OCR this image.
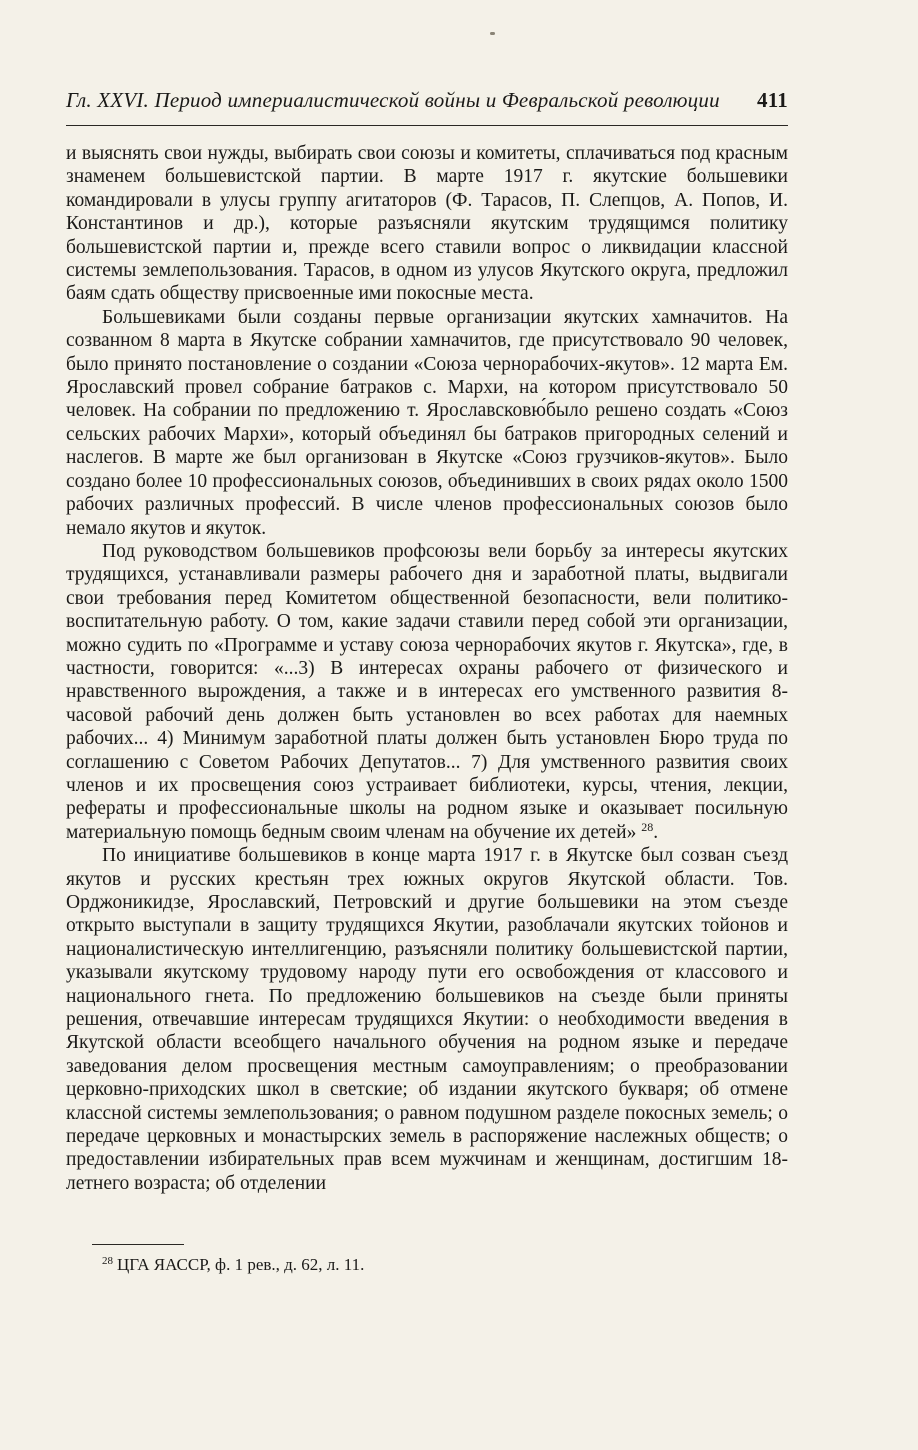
Гл. XXVI. Период империалистической войны и Февральской революции 411

и выяснять свои нужды, выбирать свои союзы и комитеты, сплачиваться под красным знаменем большевистской партии. В марте 1917 г. якутские большевики командировали в улусы группу агитаторов (Ф. Тарасов, П. Слепцов, А. Попов, И. Константинов и др.), которые разъясняли якутским трудящимся политику большевистской партии и, прежде всего ставили вопрос о ликвидации классной системы землепользования. Тарасов, в одном из улусов Якутского округа, предложил баям сдать обществу присвоенные ими покосные места.

Большевиками были созданы первые организации якутских хамначитов. На созванном 8 марта в Якутске собрании хамначитов, где присутствовало 90 человек, было принято постановление о создании «Союза чернорабочих-якутов». 12 марта Ем. Ярославский провел собрание батраков с. Мархи, на котором присутствовало 50 человек. На собрании по предложению т. Ярославсковю́было решено создать «Союз сельских рабочих Мархи», который объединял бы батраков пригородных селений и наслегов. В марте же был организован в Якутске «Союз грузчиков-якутов». Было создано более 10 профессиональных союзов, объединивших в своих рядах около 1500 рабочих различных профессий. В числе членов профессиональных союзов было немало якутов и якуток.

Под руководством большевиков профсоюзы вели борьбу за интересы якутских трудящихся, устанавливали размеры рабочего дня и заработной платы, выдвигали свои требования перед Комитетом общественной безопасности, вели политико-воспитательную работу. О том, какие задачи ставили перед собой эти организации, можно судить по «Программе и уставу союза чернорабочих якутов г. Якутска», где, в частности, говорится: «...3) В интересах охраны рабочего от физического и нравственного вырождения, а также и в интересах его умственного развития 8-часовой рабочий день должен быть установлен во всех работах для наемных рабочих... 4) Минимум заработной платы должен быть установлен Бюро труда по соглашению с Советом Рабочих Депутатов... 7) Для умственного развития своих членов и их просвещения союз устраивает библиотеки, курсы, чтения, лекции, рефераты и профессиональные школы на родном языке и оказывает посильную материальную помощь бедным своим членам на обучение их детей» $^{28}$.

По инициативе большевиков в конце марта 1917 г. в Якутске был созван съезд якутов и русских крестьян трех южных округов Якутской области. Тов. Орджоникидзе, Ярославский, Петровский и другие большевики на этом съезде открыто выступали в защиту трудящихся Якутии, разоблачали якутских тойонов и националистическую интеллигенцию, разъясняли политику большевистской партии, указывали якутскому трудовому народу пути его освобождения от классового и национального гнета. По предложению большевиков на съезде были приняты решения, отвечавшие интересам трудящихся Якутии: о необходимости введения в Якутской области всеобщего начального обучения на родном языке и передаче заведования делом просвещения местным самоуправлениям; о преобразовании церковно-приходских школ в светские; об издании якутского букваря; об отмене классной системы землепользования; о равном подушном разделе покосных земель; о передаче церковных и монастырских земель в распоряжение наслежных обществ; о предоставлении избирательных прав всем мужчинам и женщинам, достигшим 18-летнего возраста; об отделении

$^{28}$ ЦГА ЯАССР, ф. 1 рев., д. 62, л. 11.
